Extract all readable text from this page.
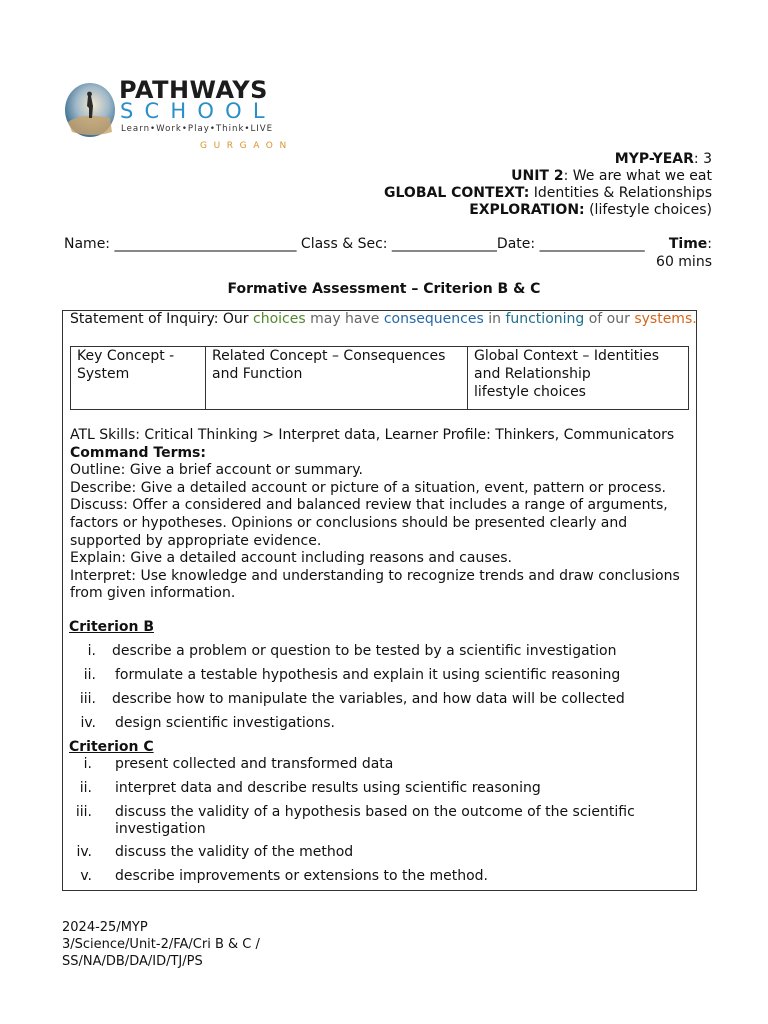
PATHWAYS
SCHOOL
Learn•Work•Play•Think•LIVE
GURGAON
MYP-YEAR: 3
UNIT 2: We are what we eat
GLOBAL CONTEXT: Identities & Relationships
EXPLORATION: (lifestyle choices)
Name: __________________________ Class & Sec: _______________Date: _______________ Time:
60 mins
Formative Assessment – Criterion B & C
Statement of Inquiry: Our choices may have consequences in functioning of our systems.
Key Concept -
System
Related Concept – Consequences
and Function
Global Context – Identities
and Relationship
lifestyle choices
ATL Skills: Critical Thinking > Interpret data, Learner Profile: Thinkers, Communicators
Command Terms:
Outline: Give a brief account or summary.
Describe: Give a detailed account or picture of a situation, event, pattern or process.
Discuss: Offer a considered and balanced review that includes a range of arguments,
factors or hypotheses. Opinions or conclusions should be presented clearly and
supported by appropriate evidence.
Explain: Give a detailed account including reasons and causes.
Interpret: Use knowledge and understanding to recognize trends and draw conclusions
from given information.
Criterion B
i. describe a problem or question to be tested by a scientific investigation
ii. formulate a testable hypothesis and explain it using scientific reasoning
iii. describe how to manipulate the variables, and how data will be collected
iv. design scientific investigations.
Criterion C
i. present collected and transformed data
ii. interpret data and describe results using scientific reasoning
iii. discuss the validity of a hypothesis based on the outcome of the scientific
investigation
iv. discuss the validity of the method
v. describe improvements or extensions to the method.
2024-25/MYP
3/Science/Unit-2/FA/Cri B & C /
SS/NA/DB/DA/ID/TJ/PS
